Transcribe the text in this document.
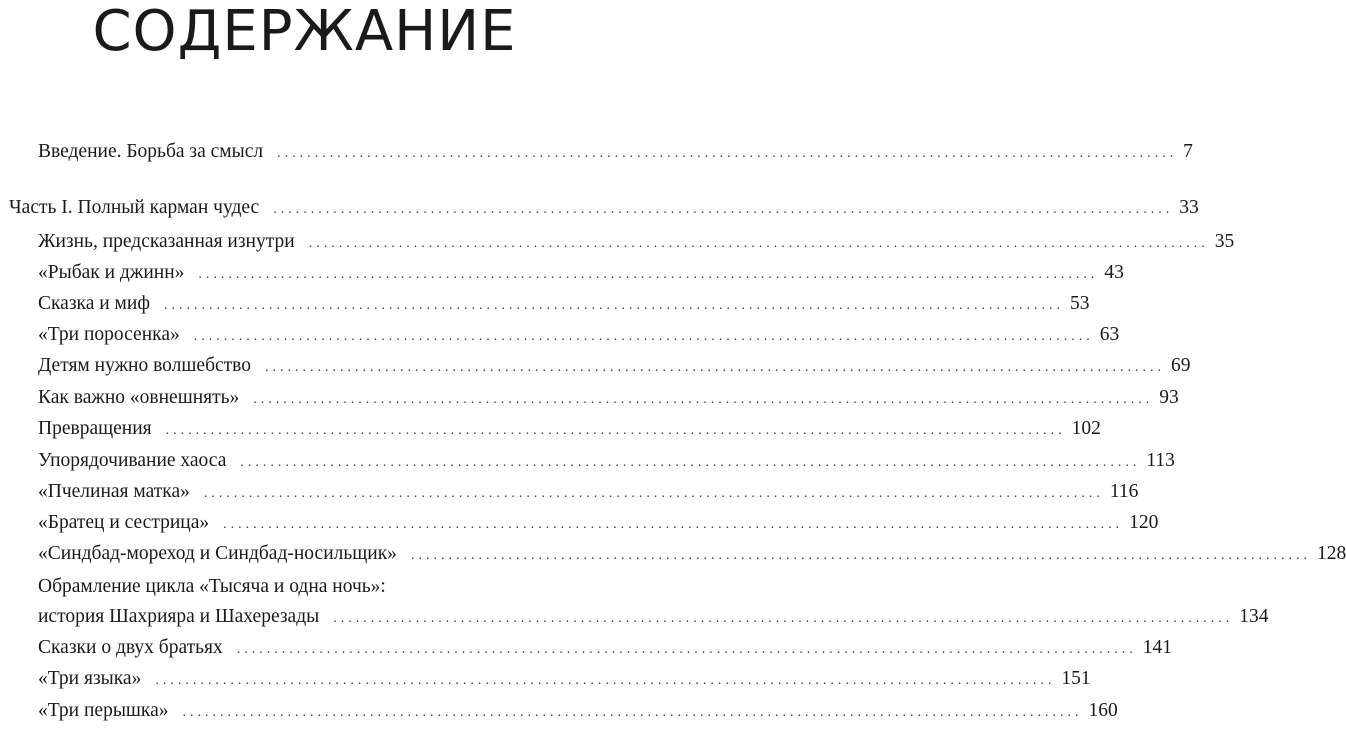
СОДЕРЖАНИЕ
Введение. Борьба за смысл ........................................................................................................................ 7
Часть I. Полный карман чудес ........................................................................................................................ 33
Жизнь, предсказанная изнутри ........................................................................................................................ 35
«Рыбак и джинн» ........................................................................................................................ 43
Сказка и миф ........................................................................................................................ 53
«Три поросенка» ........................................................................................................................ 63
Детям нужно волшебство ........................................................................................................................ 69
Как важно «овнешнять» ........................................................................................................................ 93
Превращения ........................................................................................................................ 102
Упорядочивание хаоса ........................................................................................................................ 113
«Пчелиная матка» ........................................................................................................................ 116
«Братец и сестрица» ........................................................................................................................ 120
«Синдбад-мореход и Синдбад-носильщик» ........................................................................................................................ 128
Обрамление цикла «Тысяча и одна ночь»:
история Шахрияра и Шахерезады ........................................................................................................................ 134
Сказки о двух братьях ........................................................................................................................ 141
«Три языка» ........................................................................................................................ 151
«Три перышка» ........................................................................................................................ 160
